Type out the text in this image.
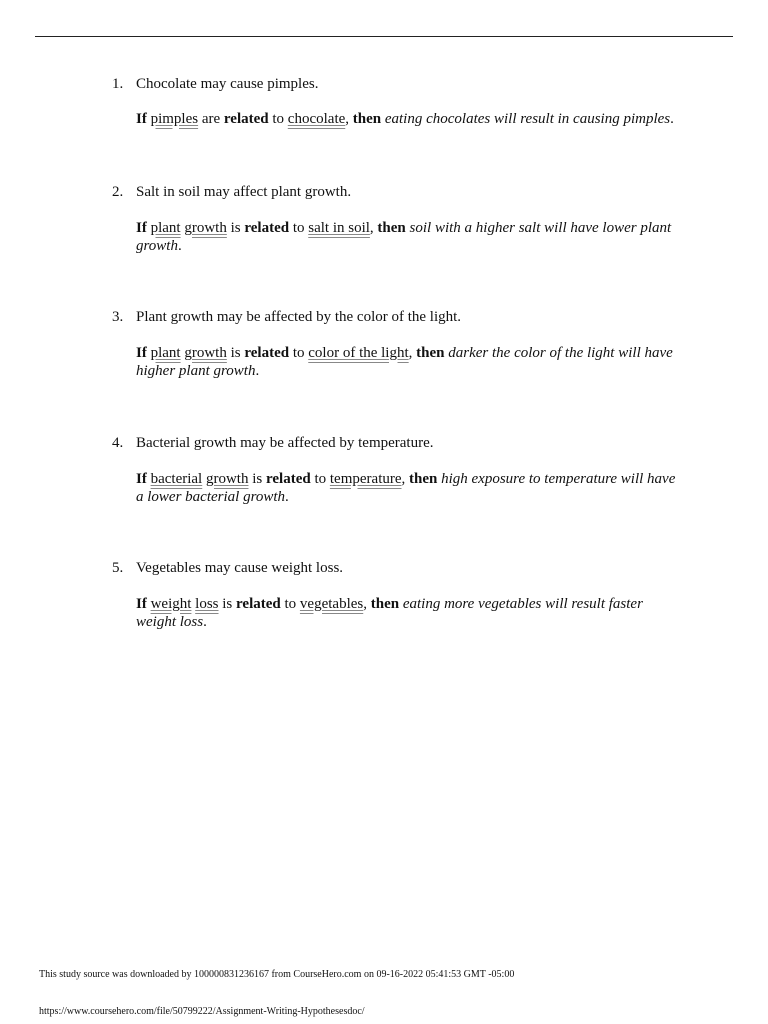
1. Chocolate may cause pimples.
If pimples are related to chocolate, then eating chocolates will result in causing pimples.
2. Salt in soil may affect plant growth.
If plant growth is related to salt in soil, then soil with a higher salt will have lower plant growth.
3. Plant growth may be affected by the color of the light.
If plant growth is related to color of the light, then darker the color of the light will have higher plant growth.
4. Bacterial growth may be affected by temperature.
If bacterial growth is related to temperature, then high exposure to temperature will have a lower bacterial growth.
5. Vegetables may cause weight loss.
If weight loss is related to vegetables, then eating more vegetables will result faster weight loss.
This study source was downloaded by 100000831236167 from CourseHero.com on 09-16-2022 05:41:53 GMT -05:00
https://www.coursehero.com/file/50799222/Assignment-Writing-Hypothesesdoc/
